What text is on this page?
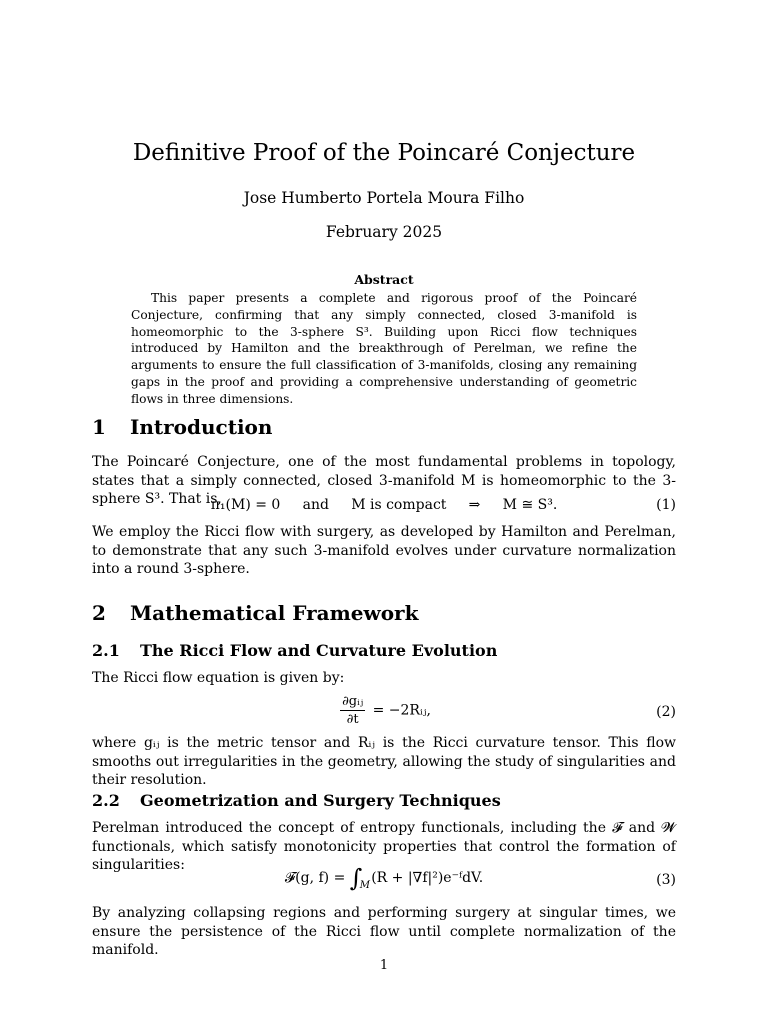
Definitive Proof of the Poincaré Conjecture
Jose Humberto Portela Moura Filho
February 2025
Abstract
This paper presents a complete and rigorous proof of the Poincaré Conjecture, confirming that any simply connected, closed 3-manifold is homeomorphic to the 3-sphere S³. Building upon Ricci flow techniques introduced by Hamilton and the breakthrough of Perelman, we refine the arguments to ensure the full classification of 3-manifolds, closing any remaining gaps in the proof and providing a comprehensive understanding of geometric flows in three dimensions.
1 Introduction
The Poincaré Conjecture, one of the most fundamental problems in topology, states that a simply connected, closed 3-manifold M is homeomorphic to the 3-sphere S³. That is,
π₁(M) = 0 and M is compact ⇒ M ≅ S³.	(1)
We employ the Ricci flow with surgery, as developed by Hamilton and Perelman, to demonstrate that any such 3-manifold evolves under curvature normalization into a round 3-sphere.
2 Mathematical Framework
2.1 The Ricci Flow and Curvature Evolution
The Ricci flow equation is given by:
$\frac{\text{∂gᵢⱼ}}{\partial t}$ = −2Rᵢⱼ,	(2)
where gᵢⱼ is the metric tensor and Rᵢⱼ is the Ricci curvature tensor. This flow smooths out irregularities in the geometry, allowing the study of singularities and their resolution.
2.2 Geometrization and Surgery Techniques
Perelman introduced the concept of entropy functionals, including the 𝓕 and 𝓦 functionals, which satisfy monotonicity properties that control the formation of singularities:
𝓕(g, f) = ∫
M (R + |∇f|²)e⁻ᶠdV.	(3)
By analyzing collapsing regions and performing surgery at singular times, we ensure the persistence of the Ricci flow until complete normalization of the manifold.
1
